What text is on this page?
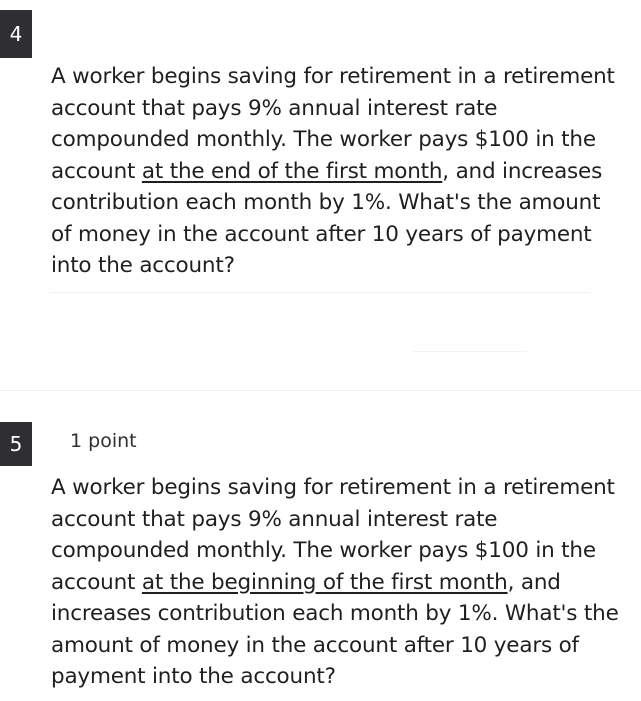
4
A worker begins saving for retirement in a retirement account that pays 9% annual interest rate compounded monthly. The worker pays $100 in the account at the end of the first month, and increases contribution each month by 1%. What's the amount of money in the account after 10 years of payment into the account?
5	1 point
A worker begins saving for retirement in a retirement account that pays 9% annual interest rate compounded monthly. The worker pays $100 in the account at the beginning of the first month, and increases contribution each month by 1%. What's the amount of money in the account after 10 years of payment into the account?
